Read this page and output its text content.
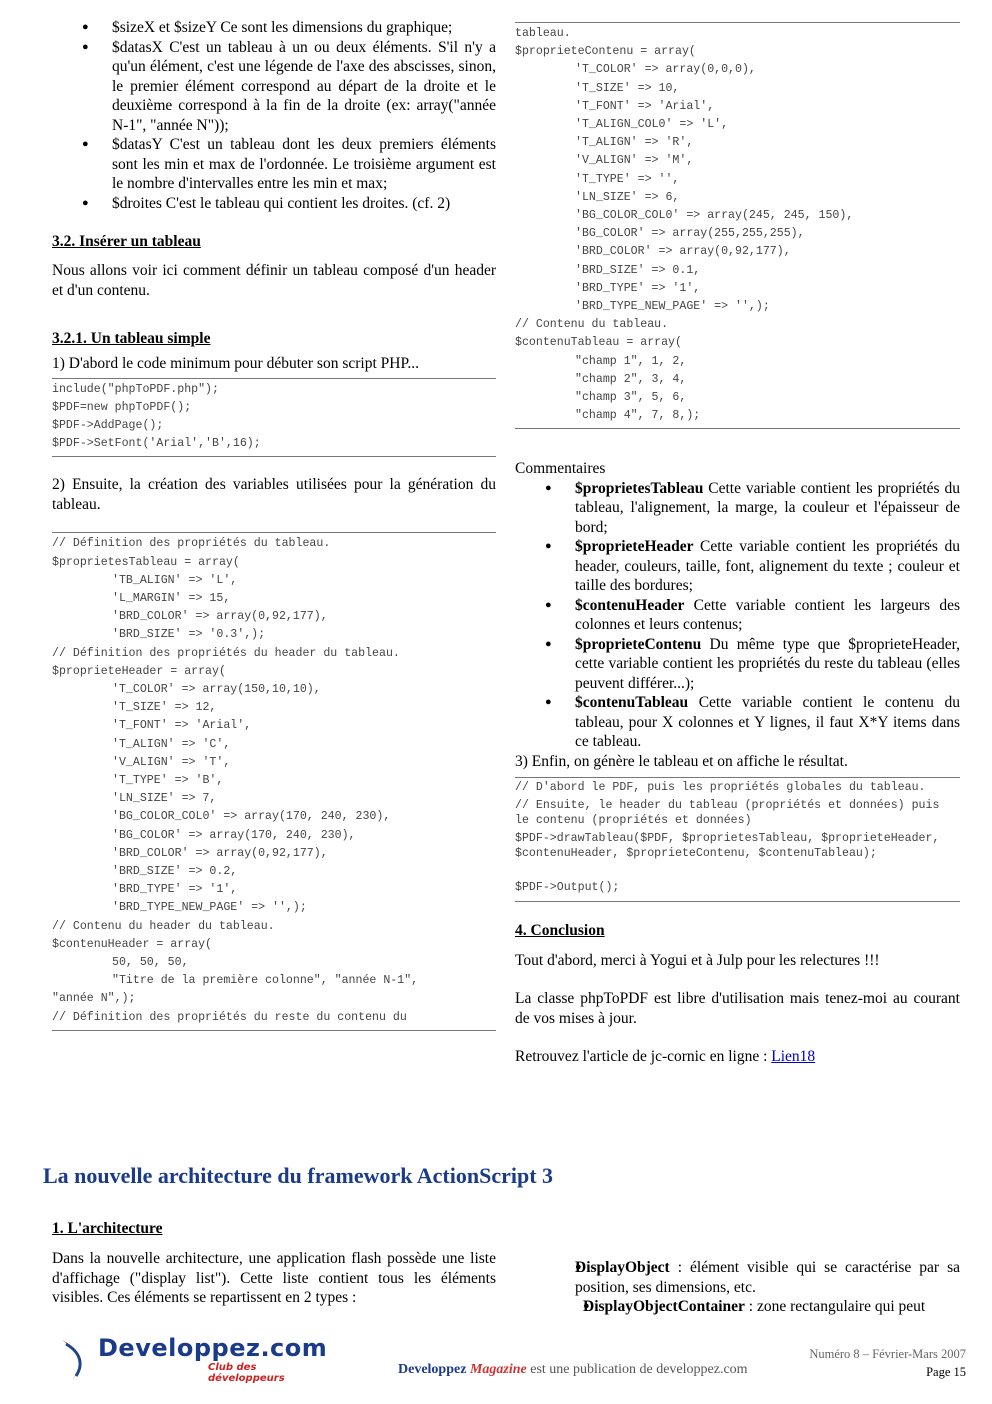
● $sizeX et $sizeY Ce sont les dimensions du graphique;
● $datasX C'est un tableau à un ou deux éléments. S'il n'y a qu'un élément, c'est une légende de l'axe des abscisses, sinon, le premier élément correspond au départ de la droite et le deuxième correspond à la fin de la droite (ex: array("année N-1", "année N"));
● $datasY C'est un tableau dont les deux premiers éléments sont les min et max de l'ordonnée. Le troisième argument est le nombre d'intervalles entre les min et max;
● $droites C'est le tableau qui contient les droites. (cf. 2)
3.2. Insérer un tableau

Nous allons voir ici comment définir un tableau composé d'un header et d'un contenu.

3.2.1. Un tableau simple

1) D'abord le code minimum pour débuter son script PHP...

include("phpToPDF.php");
$PDF=new phpToPDF();
$PDF->AddPage();
$PDF->SetFont('Arial','B',16);

2) Ensuite, la création des variables utilisées pour la génération du tableau.

// Définition des propriétés du tableau.
$proprietesTableau = array(
'TB_ALIGN' => 'L',
'L_MARGIN' => 15,
'BRD_COLOR' => array(0,92,177),
'BRD_SIZE' => '0.3',);
// Définition des propriétés du header du tableau.
$proprieteHeader = array(
'T_COLOR' => array(150,10,10),
'T_SIZE' => 12,
'T_FONT' => 'Arial',
'T_ALIGN' => 'C',
'V_ALIGN' => 'T',
'T_TYPE' => 'B',
'LN_SIZE' => 7,
'BG_COLOR_COL0' => array(170, 240, 230),
'BG_COLOR' => array(170, 240, 230),
'BRD_COLOR' => array(0,92,177),
'BRD_SIZE' => 0.2,
'BRD_TYPE' => '1',
'BRD_TYPE_NEW_PAGE' => '',);
// Contenu du header du tableau.
$contenuHeader = array(
50, 50, 50,
"Titre de la première colonne", "année N-1",
"année N",);
// Définition des propriétés du reste du contenu du
tableau.
$proprieteContenu = array(
'T_COLOR' => array(0,0,0),
'T_SIZE' => 10,
'T_FONT' => 'Arial',
'T_ALIGN_COL0' => 'L',
'T_ALIGN' => 'R',
'V_ALIGN' => 'M',
'T_TYPE' => '',
'LN_SIZE' => 6,
'BG_COLOR_COL0' => array(245, 245, 150),
'BG_COLOR' => array(255,255,255),
'BRD_COLOR' => array(0,92,177),
'BRD_SIZE' => 0.1,
'BRD_TYPE' => '1',
'BRD_TYPE_NEW_PAGE' => '',);
// Contenu du tableau.
$contenuTableau = array(
"champ 1", 1, 2,
"champ 2", 3, 4,
"champ 3", 5, 6,
"champ 4", 7, 8,);

Commentaires

● $proprietesTableau Cette variable contient les propriétés du tableau, l'alignement, la marge, la couleur et l'épaisseur de bord;
● $proprieteHeader Cette variable contient les propriétés du header, couleurs, taille, font, alignement du texte ; couleur et taille des bordures;
● $contenuHeader Cette variable contient les largeurs des colonnes et leurs contenus;
● $proprieteContenu Du même type que $proprieteHeader, cette variable contient les propriétés du reste du tableau (elles peuvent différer...);
● $contenuTableau Cette variable contient le contenu du tableau, pour X colonnes et Y lignes, il faut X*Y items dans ce tableau.

3) Enfin, on génère le tableau et on affiche le résultat.

// D'abord le PDF, puis les propriétés globales du tableau.
// Ensuite, le header du tableau (propriétés et données) puis le contenu (propriétés et données)
$PDF->drawTableau($PDF, $proprietesTableau, $proprieteHeader, $contenuHeader, $proprieteContenu, $contenuTableau);
$PDF->Output();
4. Conclusion

Tout d'abord, merci à Yogui et à Julp pour les relectures !!!

La classe phpToPDF est libre d'utilisation mais tenez-moi au courant de vos mises à jour.

Retrouvez l'article de jc-cornic en ligne : Lien18

La nouvelle architecture du framework ActionScript 3
1. L'architecture

Dans la nouvelle architecture, une application flash possède une liste d'affichage ("display list"). Cette liste contient tous les éléments visibles. Ces éléments se repartissent en 2 types :

● DisplayObject : élément visible qui se caractérise par sa position, ses dimensions, etc.
● DisplayObjectContainer : zone rectangulaire qui peut
Developpez.com
Club des développeurs
Developpez Magazine est une publication de developpez.com
Numéro 8 – Février-Mars 2007
Page 15
